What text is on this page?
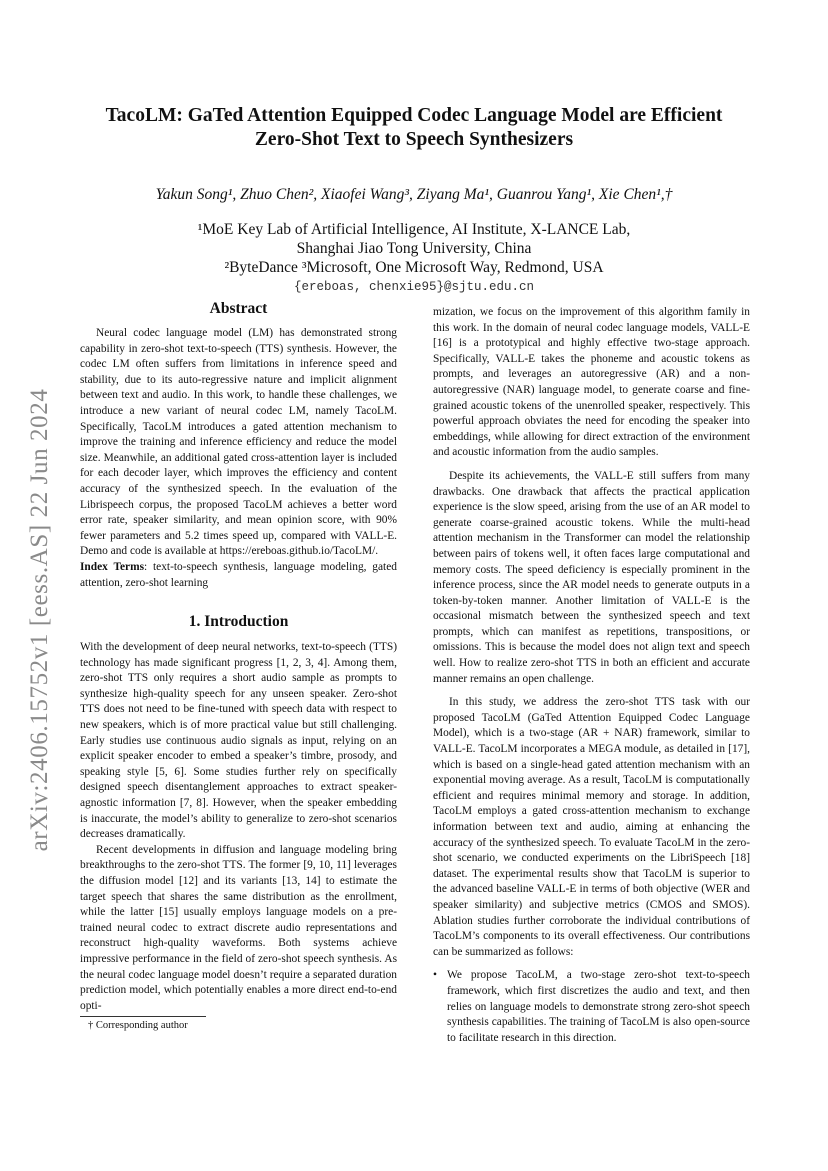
arXiv:2406.15752v1 [eess.AS] 22 Jun 2024
TacoLM: GaTed Attention Equipped Codec Language Model are Efficient
Zero-Shot Text to Speech Synthesizers
Yakun Song¹, Zhuo Chen², Xiaofei Wang³, Ziyang Ma¹, Guanrou Yang¹, Xie Chen¹,†
¹MoE Key Lab of Artificial Intelligence, AI Institute, X-LANCE Lab,
Shanghai Jiao Tong University, China
²ByteDance ³Microsoft, One Microsoft Way, Redmond, USA
{ereboas, chenxie95}@sjtu.edu.cn
Abstract

Neural codec language model (LM) has demonstrated strong capability in zero-shot text-to-speech (TTS) synthesis. However, the codec LM often suffers from limitations in inference speed and stability, due to its auto-regressive nature and implicit alignment between text and audio. In this work, to handle these challenges, we introduce a new variant of neural codec LM, namely TacoLM. Specifically, TacoLM introduces a gated attention mechanism to improve the training and inference efficiency and reduce the model size. Meanwhile, an additional gated cross-attention layer is included for each decoder layer, which improves the efficiency and content accuracy of the synthesized speech. In the evaluation of the Librispeech corpus, the proposed TacoLM achieves a better word error rate, speaker similarity, and mean opinion score, with 90% fewer parameters and 5.2 times speed up, compared with VALL-E. Demo and code is available at https://ereboas.github.io/TacoLM/.

Index Terms: text-to-speech synthesis, language modeling, gated attention, zero-shot learning

1. Introduction

With the development of deep neural networks, text-to-speech (TTS) technology has made significant progress [1, 2, 3, 4]. Among them, zero-shot TTS only requires a short audio sample as prompts to synthesize high-quality speech for any unseen speaker. Zero-shot TTS does not need to be fine-tuned with speech data with respect to new speakers, which is of more practical value but still challenging. Early studies use continuous audio signals as input, relying on an explicit speaker encoder to embed a speaker’s timbre, prosody, and speaking style [5, 6]. Some studies further rely on specifically designed speech disentanglement approaches to extract speaker-agnostic information [7, 8]. However, when the speaker embedding is inaccurate, the model’s ability to generalize to zero-shot scenarios decreases dramatically.

Recent developments in diffusion and language modeling bring breakthroughs to the zero-shot TTS. The former [9, 10, 11] leverages the diffusion model [12] and its variants [13, 14] to estimate the target speech that shares the same distribution as the enrollment, while the latter [15] usually employs language models on a pre-trained neural codec to extract discrete audio representations and reconstruct high-quality waveforms. Both systems achieve impressive performance in the field of zero-shot speech synthesis. As the neural codec language model doesn’t require a separated duration prediction model, which potentially enables a more direct end-to-end opti-

mization, we focus on the improvement of this algorithm family in this work. In the domain of neural codec language models, VALL-E [16] is a prototypical and highly effective two-stage approach. Specifically, VALL-E takes the phoneme and acoustic tokens as prompts, and leverages an autoregressive (AR) and a non-autoregressive (NAR) language model, to generate coarse and fine-grained acoustic tokens of the unenrolled speaker, respectively. This powerful approach obviates the need for encoding the speaker into embeddings, while allowing for direct extraction of the environment and acoustic information from the audio samples.

Despite its achievements, the VALL-E still suffers from many drawbacks. One drawback that affects the practical application experience is the slow speed, arising from the use of an AR model to generate coarse-grained acoustic tokens. While the multi-head attention mechanism in the Transformer can model the relationship between pairs of tokens well, it often faces large computational and memory costs. The speed deficiency is especially prominent in the inference process, since the AR model needs to generate outputs in a token-by-token manner. Another limitation of VALL-E is the occasional mismatch between the synthesized speech and text prompts, which can manifest as repetitions, transpositions, or omissions. This is because the model does not align text and speech well. How to realize zero-shot TTS in both an efficient and accurate manner remains an open challenge.

In this study, we address the zero-shot TTS task with our proposed TacoLM (GaTed Attention Equipped Codec Language Model), which is a two-stage (AR + NAR) framework, similar to VALL-E. TacoLM incorporates a MEGA module, as detailed in [17], which is based on a single-head gated attention mechanism with an exponential moving average. As a result, TacoLM is computationally efficient and requires minimal memory and storage. In addition, TacoLM employs a gated cross-attention mechanism to exchange information between text and audio, aiming at enhancing the accuracy of the synthesized speech. To evaluate TacoLM in the zero-shot scenario, we conducted experiments on the LibriSpeech [18] dataset. The experimental results show that TacoLM is superior to the advanced baseline VALL-E in terms of both objective (WER and speaker similarity) and subjective metrics (CMOS and SMOS). Ablation studies further corroborate the individual contributions of TacoLM’s components to its overall effectiveness. Our contributions can be summarized as follows:

• We propose TacoLM, a two-stage zero-shot text-to-speech framework, which first discretizes the audio and text, and then relies on language models to demonstrate strong zero-shot speech synthesis capabilities. The training of TacoLM is also open-source to facilitate research in this direction.
† Corresponding author
